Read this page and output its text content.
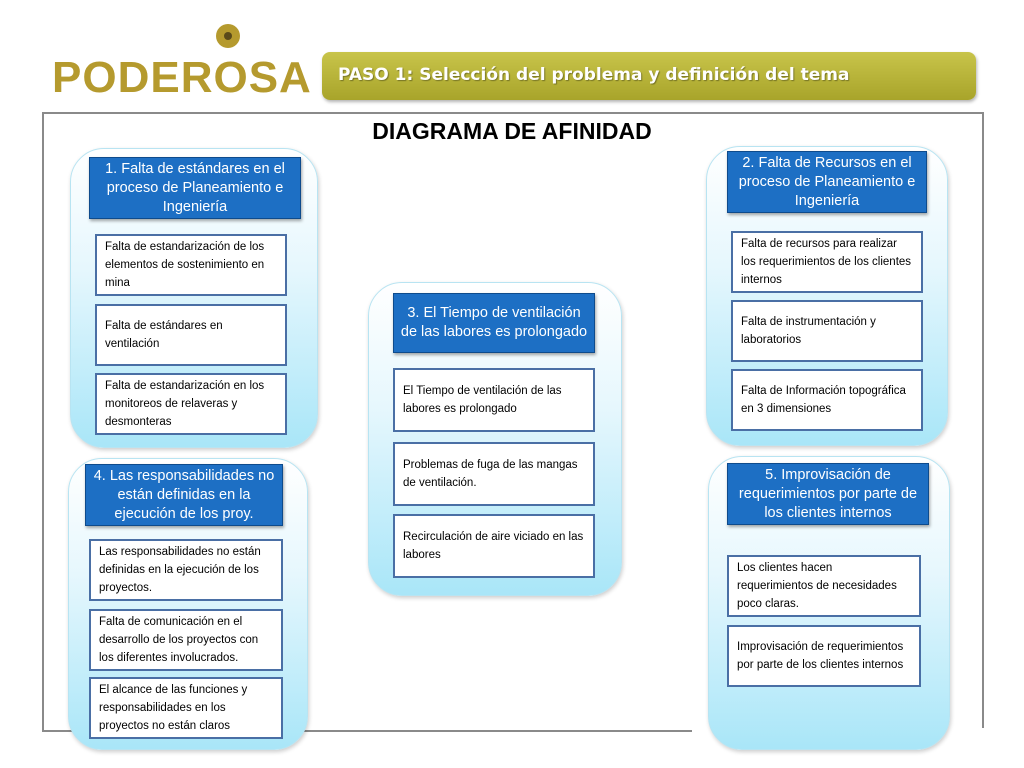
PODEROSA PASO 1: Selección del problema y definición del tema
DIAGRAMA DE AFINIDAD
1. Falta de estándares en el proceso de Planeamiento e Ingeniería
Falta de estandarización de los elementos de sostenimiento en mina
Falta de estándares en ventilación
Falta de estandarización en los monitoreos de relaveras y desmonteras
2. Falta de Recursos en el proceso de Planeamiento e Ingeniería
Falta de recursos para realizar los requerimientos de los clientes internos
Falta de instrumentación y laboratorios
Falta de Información topográfica en 3 dimensiones
3. El Tiempo de ventilación de las labores es prolongado
El Tiempo de ventilación de las labores es prolongado
Problemas de fuga de las mangas de ventilación.
Recirculación de aire viciado en las labores
4. Las responsabilidades no están definidas en la ejecución de los proy.
Las responsabilidades no están definidas en la ejecución de los proyectos.
Falta de comunicación en el desarrollo de los proyectos con los diferentes involucrados.
El alcance de las funciones y responsabilidades en los proyectos no están claros
5. Improvisación de requerimientos por parte de los clientes internos
Los clientes hacen requerimientos de necesidades poco claras.
Improvisación de requerimientos por parte de los clientes internos
